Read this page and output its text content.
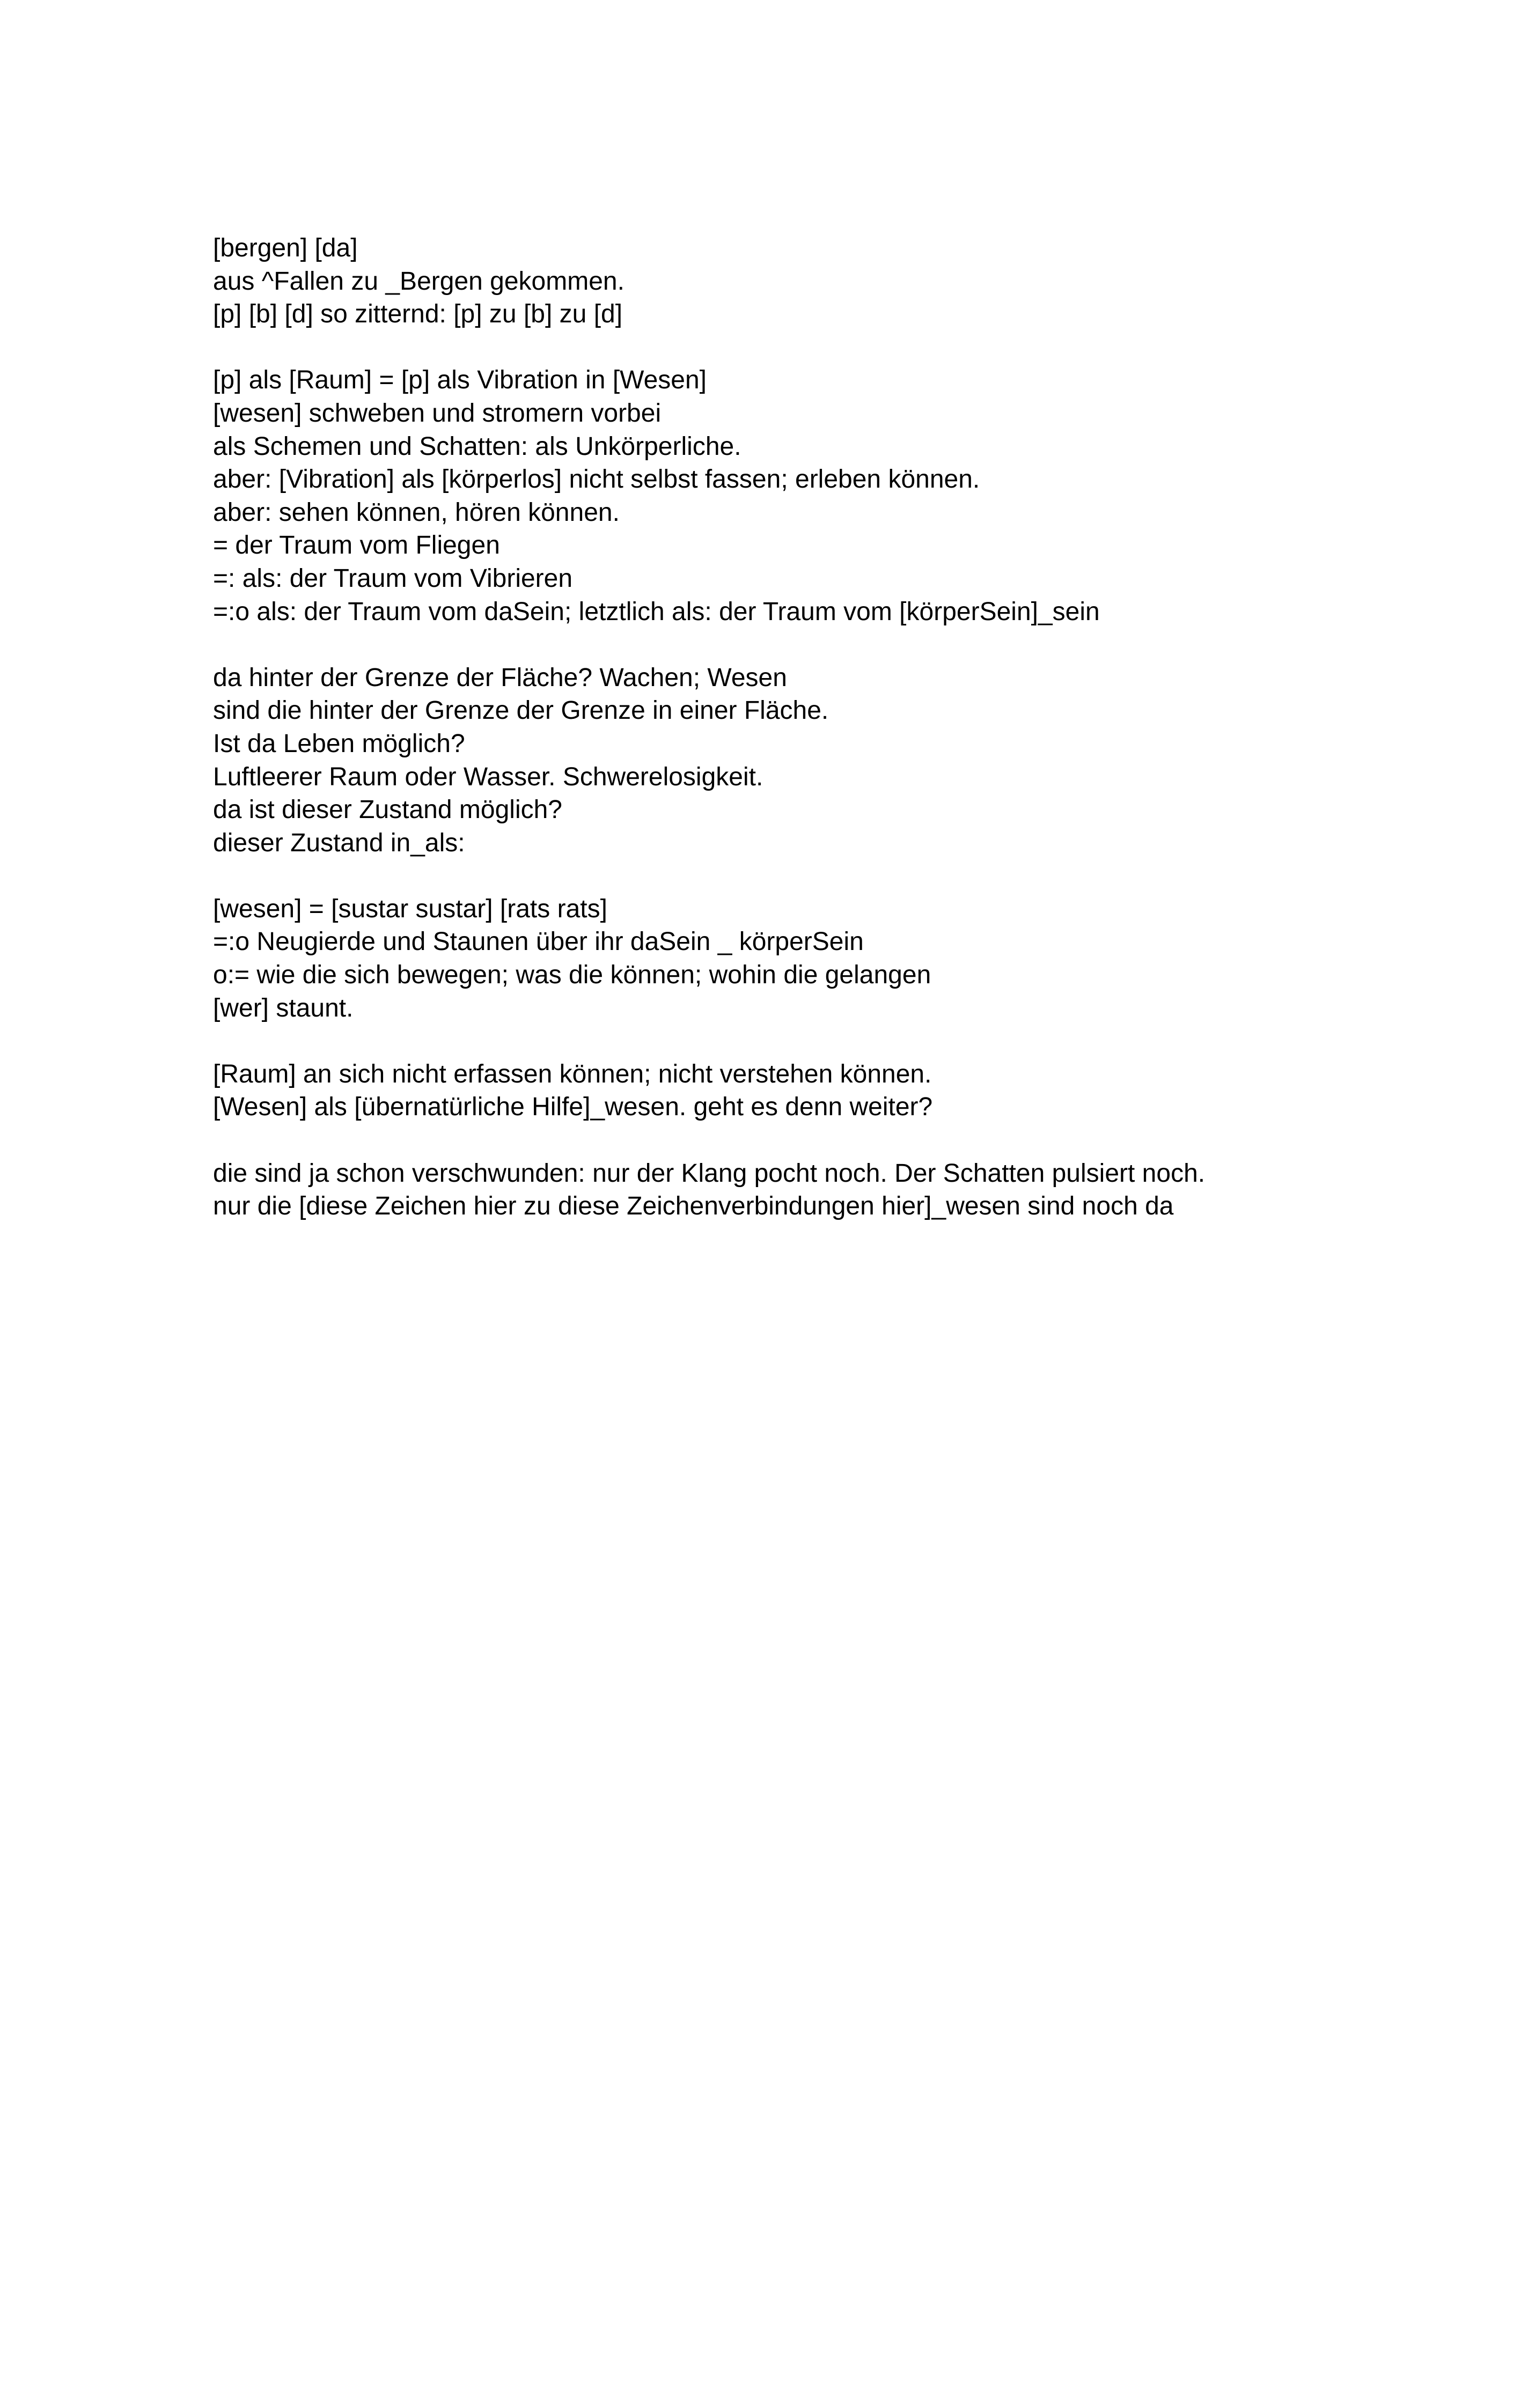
[bergen] [da]

aus ^Fallen zu _Bergen gekommen.

[p] [b] [d] so zitternd: [p] zu [b] zu [d]

[p] als [Raum] = [p] als Vibration in [Wesen]

[wesen] schweben und stromern vorbei

als Schemen und Schatten: als Unkörperliche.

aber: [Vibration] als [körperlos] nicht selbst fassen; erleben können.

aber: sehen können, hören können.

= der Traum vom Fliegen

=: als: der Traum vom Vibrieren

=:o als: der Traum vom daSein; letztlich als: der Traum vom [körperSein]_sein

da hinter der Grenze der Fläche? Wachen; Wesen

sind die hinter der Grenze der Grenze in einer Fläche.

Ist da Leben möglich?

Luftleerer Raum oder Wasser. Schwerelosigkeit.

da ist dieser Zustand möglich?

dieser Zustand in_als:

[wesen] = [sustar sustar] [rats rats]

=:o Neugierde und Staunen über ihr daSein _ körperSein

o:= wie die sich bewegen; was die können; wohin die gelangen

[wer] staunt.

[Raum] an sich nicht erfassen können; nicht verstehen können.

[Wesen] als [übernatürliche Hilfe]_wesen. geht es denn weiter?

die sind ja schon verschwunden: nur der Klang pocht noch. Der Schatten pulsiert noch.

nur die [diese Zeichen hier zu diese Zeichenverbindungen hier]_wesen sind noch da
